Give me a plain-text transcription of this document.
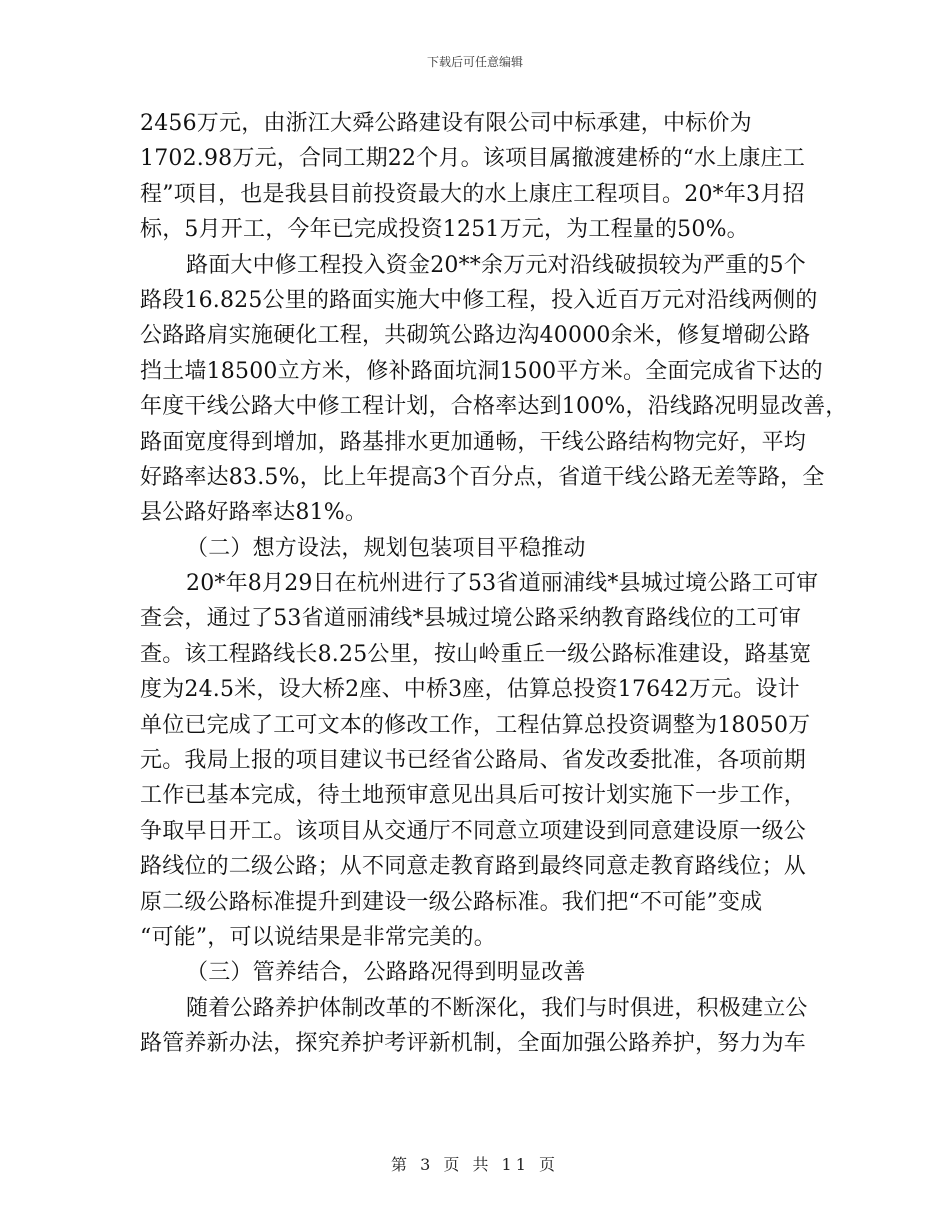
下载后可任意编辑
2456万元，由浙江大舜公路建设有限公司中标承建，中标价为
1702.98万元，合同工期22个月。该项目属撤渡建桥的“水上康庄工
程”项目，也是我县目前投资最大的水上康庄工程项目。20*年3月招
标，5月开工，今年已完成投资1251万元，为工程量的50%。
路面大中修工程投入资金20**余万元对沿线破损较为严重的5个
路段16.825公里的路面实施大中修工程，投入近百万元对沿线两侧的
公路路肩实施硬化工程，共砌筑公路边沟40000余米，修复增砌公路
挡土墙18500立方米，修补路面坑洞1500平方米。全面完成省下达的
年度干线公路大中修工程计划，合格率达到100%，沿线路况明显改善，
路面宽度得到增加，路基排水更加通畅，干线公路结构物完好，平均
好路率达83.5%，比上年提高3个百分点，省道干线公路无差等路，全
县公路好路率达81%。
（二）想方设法，规划包装项目平稳推动
20*年8月29日在杭州进行了53省道丽浦线*县城过境公路工可审
查会，通过了53省道丽浦线*县城过境公路采纳教育路线位的工可审
查。该工程路线长8.25公里，按山岭重丘一级公路标准建设，路基宽
度为24.5米，设大桥2座、中桥3座，估算总投资17642万元。设计
单位已完成了工可文本的修改工作，工程估算总投资调整为18050万
元。我局上报的项目建议书已经省公路局、省发改委批准，各项前期
工作已基本完成，待土地预审意见出具后可按计划实施下一步工作，
争取早日开工。该项目从交通厅不同意立项建设到同意建设原一级公
路线位的二级公路；从不同意走教育路到最终同意走教育路线位；从
原二级公路标准提升到建设一级公路标准。我们把“不可能”变成
“可能”，可以说结果是非常完美的。
（三）管养结合，公路路况得到明显改善
随着公路养护体制改革的不断深化，我们与时俱进，积极建立公
路管养新办法，探究养护考评新机制，全面加强公路养护，努力为车
第 3 页 共 11 页
